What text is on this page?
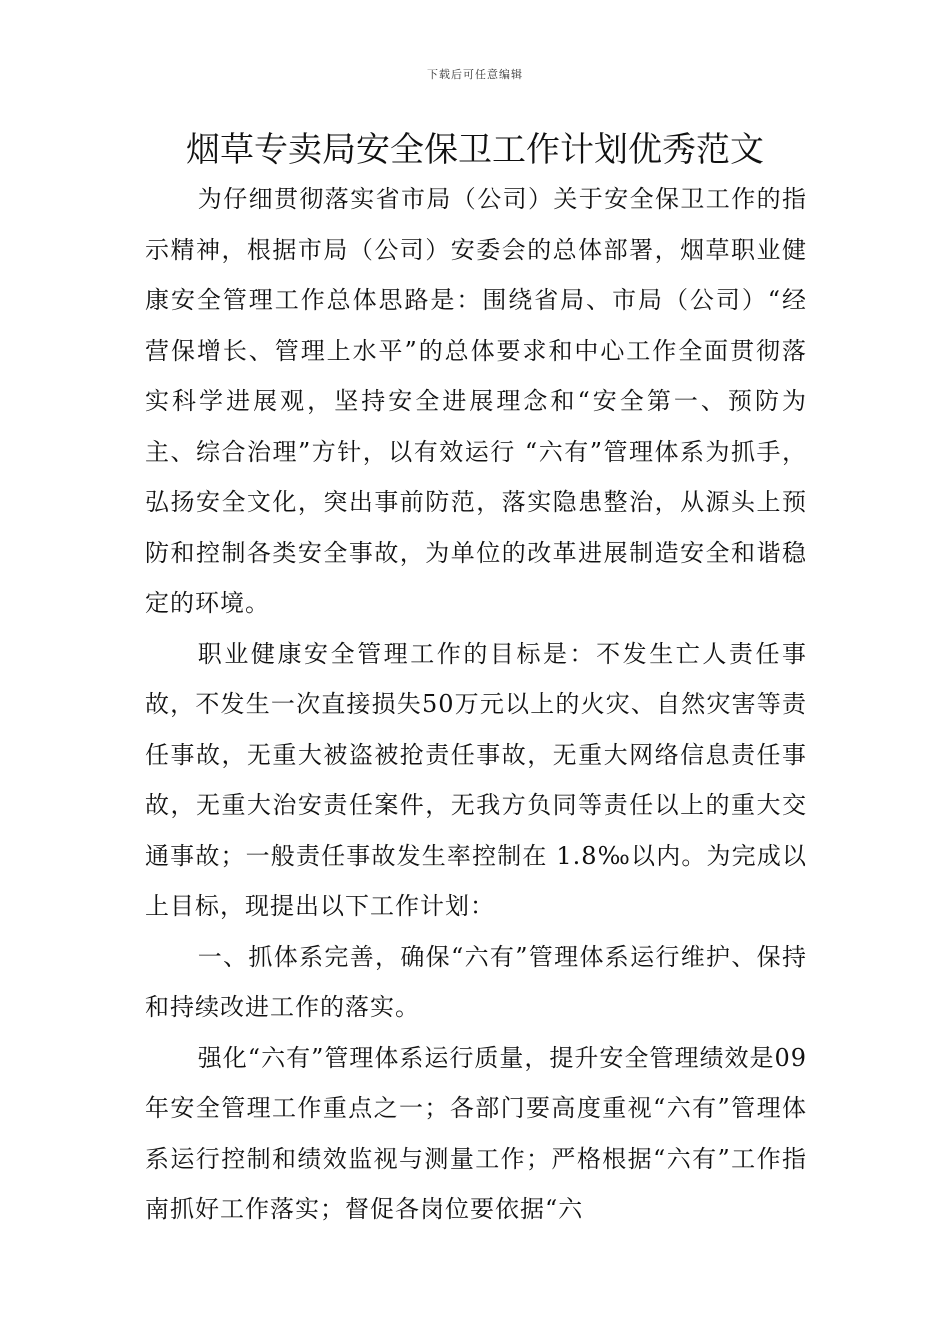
下载后可任意编辑
烟草专卖局安全保卫工作计划优秀范文

为仔细贯彻落实省市局（公司）关于安全保卫工作的指示精神，根据市局（公司）安委会的总体部署，烟草职业健康安全管理工作总体思路是：围绕省局、市局（公司）“经营保增长、管理上水平”的总体要求和中心工作全面贯彻落实科学进展观，坚持安全进展理念和“安全第一、预防为主、综合治理”方针，以有效运行 “六有”管理体系为抓手，弘扬安全文化，突出事前防范，落实隐患整治，从源头上预防和控制各类安全事故，为单位的改革进展制造安全和谐稳定的环境。

职业健康安全管理工作的目标是：不发生亡人责任事故，不发生一次直接损失50万元以上的火灾、自然灾害等责任事故，无重大被盗被抢责任事故，无重大网络信息责任事故，无重大治安责任案件，无我方负同等责任以上的重大交通事故；一般责任事故发生率控制在 1.8‰以内。为完成以上目标，现提出以下工作计划：

一、抓体系完善，确保“六有”管理体系运行维护、保持和持续改进工作的落实。

强化“六有”管理体系运行质量，提升安全管理绩效是09年安全管理工作重点之一；各部门要高度重视“六有”管理体系运行控制和绩效监视与测量工作；严格根据“六有”工作指南抓好工作落实；督促各岗位要依据“六
